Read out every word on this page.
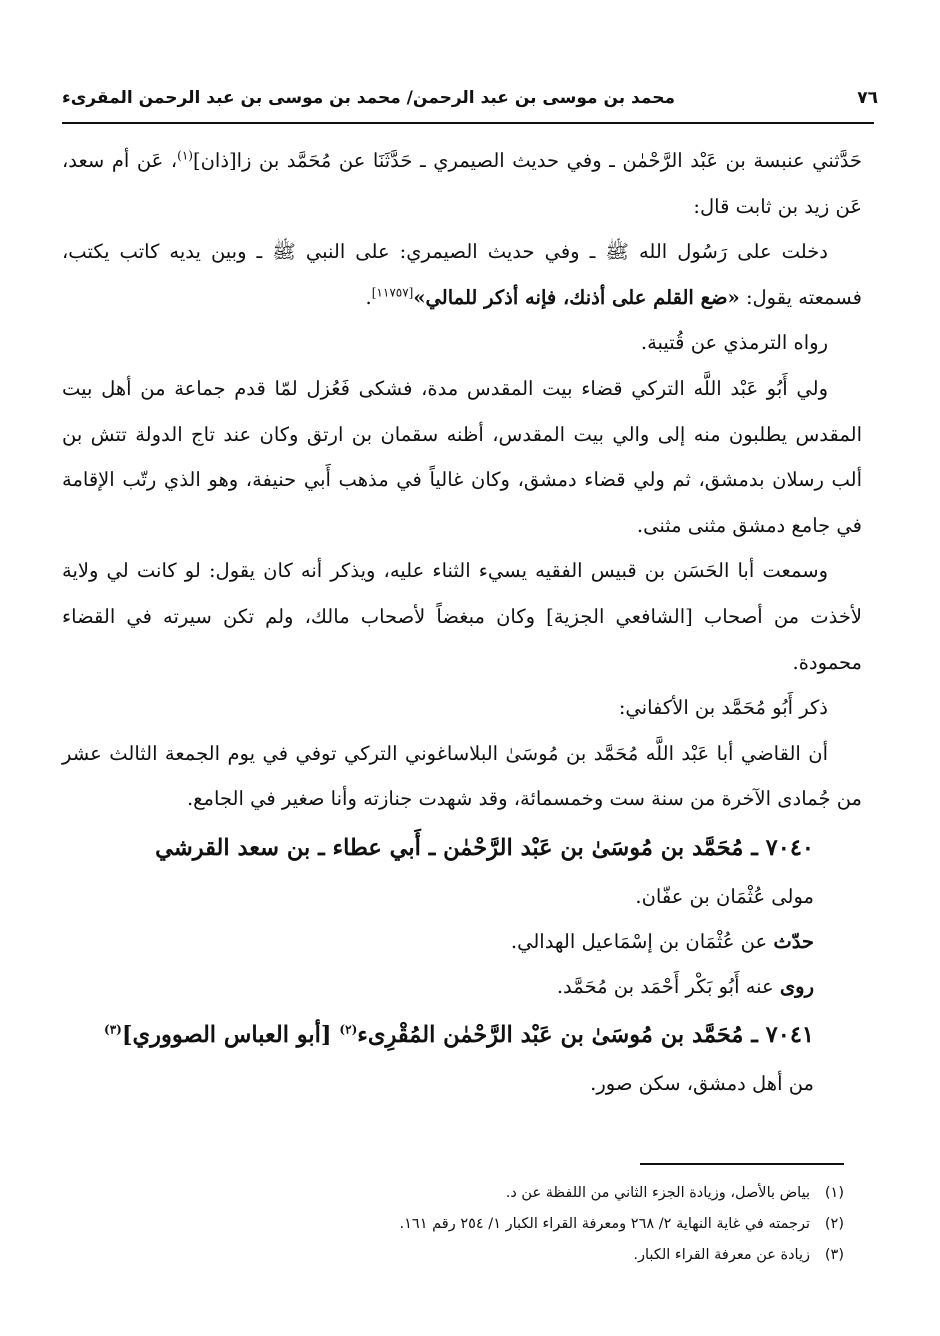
٧٦
محمد بن موسى بن عبد الرحمن/ محمد بن موسى بن عبد الرحمن المقرىء

حَدَّثني عنبسة بن عَبْد الرَّحْمٰن ـ وفي حديث الصيمري ـ حَدَّثَنَا عن مُحَمَّد بن زا[ذان]$^{(١)}$، عَن أم سعد، عَن زيد بن ثابت قال:

دخلت على رَسُول الله ﷺ ـ وفي حديث الصيمري: على النبي ﷺ ـ وبين يديه كاتب يكتب، فسمعته يقول: «ضع القلم على أذنك، فإنه أذكر للمالي»[١١٧٥٧].

رواه الترمذي عن قُتيبة.

ولي أَبُو عَبْد اللَّه التركي قضاء بيت المقدس مدة، فشكى فَعُزل لمّا قدم جماعة من أهل بيت المقدس يطلبون منه إلى والي بيت المقدس، أظنه سقمان بن ارتق وكان عند تاج الدولة تتش بن ألب رسلان بدمشق، ثم ولي قضاء دمشق، وكان غالياً في مذهب أَبي حنيفة، وهو الذي رتّب الإقامة في جامع دمشق مثنى مثنى.

وسمعت أبا الحَسَن بن قبيس الفقيه يسيء الثناء عليه، ويذكر أنه كان يقول: لو كانت لي ولاية لأخذت من أصحاب [الشافعي الجزية] وكان مبغضاً لأصحاب مالك، ولم تكن سيرته في القضاء محمودة.

ذكر أَبُو مُحَمَّد بن الأكفاني:

أن القاضي أبا عَبْد اللَّه مُحَمَّد بن مُوسَىٰ البلاساغوني التركي توفي في يوم الجمعة الثالث عشر من جُمادى الآخرة من سنة ست وخمسمائة، وقد شهدت جنازته وأنا صغير في الجامع.

٧٠٤٠ ـ مُحَمَّد بن مُوسَىٰ بن عَبْد الرَّحْمٰن ـ أَبي عطاء ـ بن سعد القرشي

مولى عُثْمَان بن عفّان.

حدّث عن عُثْمَان بن إسْمَاعيل الهدالي.

روى عنه أَبُو بَكْر أَحْمَد بن مُحَمَّد.

٧٠٤١ ـ مُحَمَّد بن مُوسَىٰ بن عَبْد الرَّحْمٰن المُقْرِىء$^{(٢)}$ [أبو العباس الصووري]$^{(٣)}$

من أهل دمشق، سكن صور.

(١)بياض بالأصل، وزيادة الجزء الثاني من اللفظة عن د.

(٢)ترجمته في غاية النهاية ٢/ ٢٦٨ ومعرفة القراء الكبار ١/ ٢٥٤ رقم ١٦١.

(٣)زيادة عن معرفة القراء الكبار.
